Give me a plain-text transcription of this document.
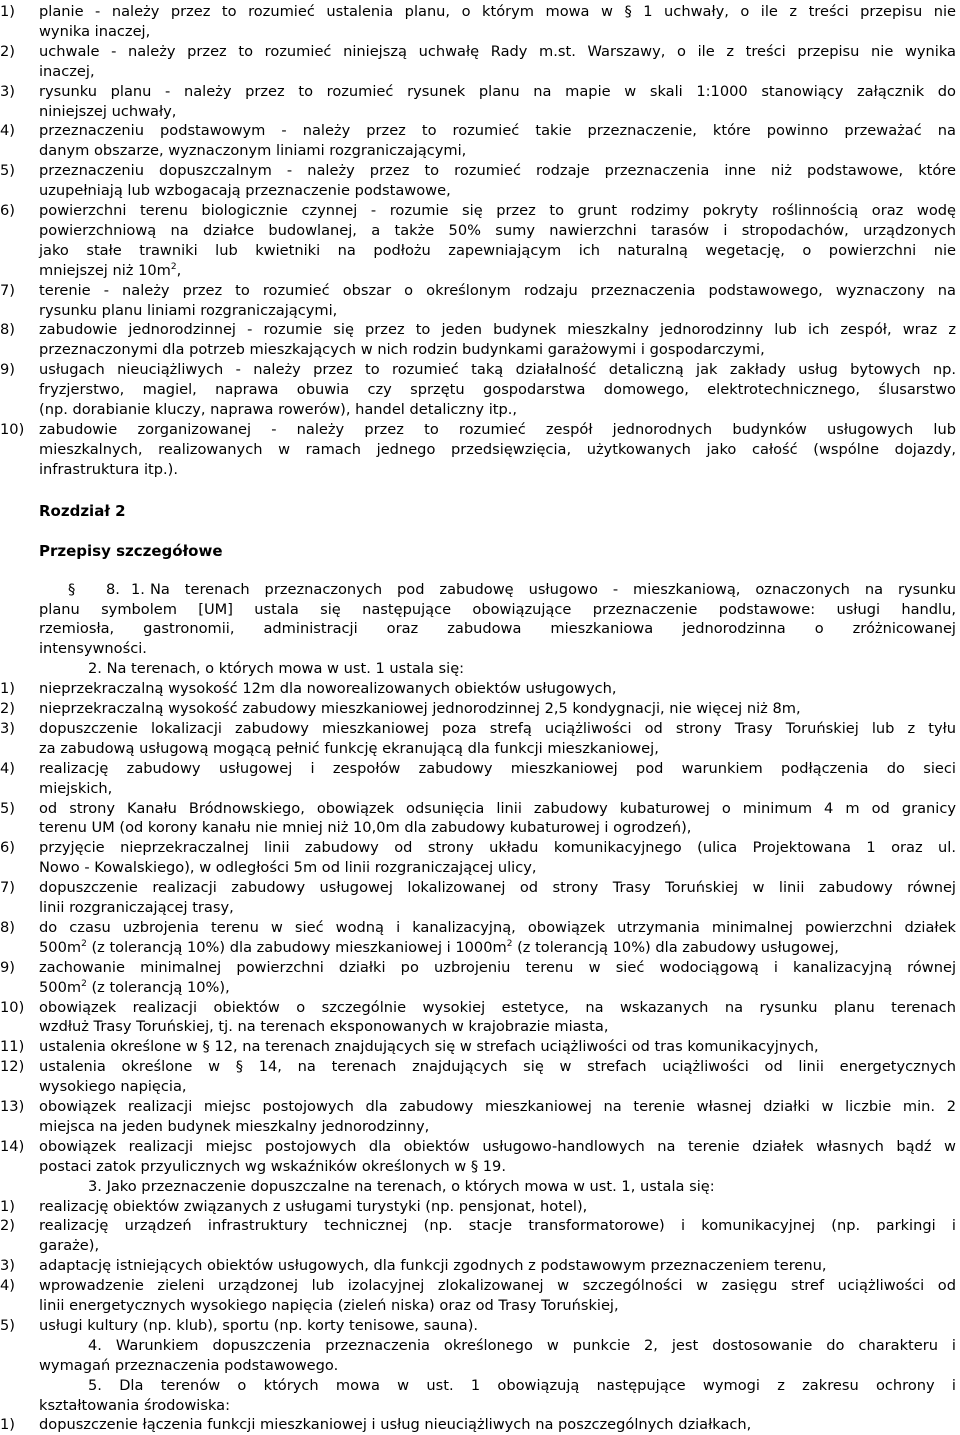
1) planie - należy przez to rozumieć ustalenia planu, o którym mowa w § 1 uchwały, o ile z treści przepisu nie
wynika inaczej,
2) uchwale - należy przez to rozumieć niniejszą uchwałę Rady m.st. Warszawy, o ile z treści przepisu nie wynika
inaczej,
3) rysunku planu - należy przez to rozumieć rysunek planu na mapie w skali 1:1000 stanowiący załącznik do
niniejszej uchwały,
4) przeznaczeniu podstawowym - należy przez to rozumieć takie przeznaczenie, które powinno przeważać na
danym obszarze, wyznaczonym liniami rozgraniczającymi,
5) przeznaczeniu dopuszczalnym - należy przez to rozumieć rodzaje przeznaczenia inne niż podstawowe, które
uzupełniają lub wzbogacają przeznaczenie podstawowe,
6) powierzchni terenu biologicznie czynnej - rozumie się przez to grunt rodzimy pokryty roślinnością oraz wodę
powierzchniową na działce budowlanej, a także 50% sumy nawierzchni tarasów i stropodachów, urządzonych
jako stałe trawniki lub kwietniki na podłożu zapewniającym ich naturalną wegetację, o powierzchni nie
mniejszej niż $10m^2$,
7) terenie - należy przez to rozumieć obszar o określonym rodzaju przeznaczenia podstawowego, wyznaczony na
rysunku planu liniami rozgraniczającymi,
8) zabudowie jednorodzinnej - rozumie się przez to jeden budynek mieszkalny jednorodzinny lub ich zespół, wraz z
przeznaczonymi dla potrzeb mieszkających w nich rodzin budynkami garażowymi i gospodarczymi,
9) usługach nieuciążliwych - należy przez to rozumieć taką działalność detaliczną jak zakłady usług bytowych np.
fryzjerstwo, magiel, naprawa obuwia czy sprzętu gospodarstwa domowego, elektrotechnicznego, ślusarstwo
(np. dorabianie kluczy, naprawa rowerów), handel detaliczny itp.,
10) zabudowie zorganizowanej - należy przez to rozumieć zespół jednorodnych budynków usługowych lub
mieszkalnych, realizowanych w ramach jednego przedsięwzięcia, użytkowanych jako całość (wspólne dojazdy,
infrastruktura itp.).
Rozdział 2
Przepisy szczegółowe
§ 8. 1. Na terenach przeznaczonych pod zabudowę usługowo - mieszkaniową, oznaczonych na rysunku
planu symbolem [UM] ustala się następujące obowiązujące przeznaczenie podstawowe: usługi handlu,
rzemiosła, gastronomii, administracji oraz zabudowa mieszkaniowa jednorodzinna o zróżnicowanej
intensywności.
2. Na terenach, o których mowa w ust. 1 ustala się:
1) nieprzekraczalną wysokość 12m dla noworealizowanych obiektów usługowych,
2) nieprzekraczalną wysokość zabudowy mieszkaniowej jednorodzinnej 2,5 kondygnacji, nie więcej niż 8m,
3) dopuszczenie lokalizacji zabudowy mieszkaniowej poza strefą uciążliwości od strony Trasy Toruńskiej lub z tyłu
za zabudową usługową mogącą pełnić funkcję ekranującą dla funkcji mieszkaniowej,
4) realizację zabudowy usługowej i zespołów zabudowy mieszkaniowej pod warunkiem podłączenia do sieci
miejskich,
5) od strony Kanału Bródnowskiego, obowiązek odsunięcia linii zabudowy kubaturowej o minimum 4 m od granicy
terenu UM (od korony kanału nie mniej niż 10,0m dla zabudowy kubaturowej i ogrodzeń),
6) przyjęcie nieprzekraczalnej linii zabudowy od strony układu komunikacyjnego (ulica Projektowana 1 oraz ul.
Nowo - Kowalskiego), w odległości 5m od linii rozgraniczającej ulicy,
7) dopuszczenie realizacji zabudowy usługowej lokalizowanej od strony Trasy Toruńskiej w linii zabudowy równej
linii rozgraniczającej trasy,
8) do czasu uzbrojenia terenu w sieć wodną i kanalizacyjną, obowiązek utrzymania minimalnej powierzchni działek
$500m^2$ (z tolerancją 10%) dla zabudowy mieszkaniowej i $1000m^2$ (z tolerancją 10%) dla zabudowy usługowej,
9) zachowanie minimalnej powierzchni działki po uzbrojeniu terenu w sieć wodociągową i kanalizacyjną równej
$500m^2$ (z tolerancją 10%),
10) obowiązek realizacji obiektów o szczególnie wysokiej estetyce, na wskazanych na rysunku planu terenach
wzdłuż Trasy Toruńskiej, tj. na terenach eksponowanych w krajobrazie miasta,
11) ustalenia określone w § 12, na terenach znajdujących się w strefach uciążliwości od tras komunikacyjnych,
12) ustalenia określone w § 14, na terenach znajdujących się w strefach uciążliwości od linii energetycznych
wysokiego napięcia,
13) obowiązek realizacji miejsc postojowych dla zabudowy mieszkaniowej na terenie własnej działki w liczbie min. 2
miejsca na jeden budynek mieszkalny jednorodzinny,
14) obowiązek realizacji miejsc postojowych dla obiektów usługowo-handlowych na terenie działek własnych bądź w
postaci zatok przyulicznych wg wskaźników określonych w § 19.
3. Jako przeznaczenie dopuszczalne na terenach, o których mowa w ust. 1, ustala się:
1) realizację obiektów związanych z usługami turystyki (np. pensjonat, hotel),
2) realizację urządzeń infrastruktury technicznej (np. stacje transformatorowe) i komunikacyjnej (np. parkingi i
garaże),
3) adaptację istniejących obiektów usługowych, dla funkcji zgodnych z podstawowym przeznaczeniem terenu,
4) wprowadzenie zieleni urządzonej lub izolacyjnej zlokalizowanej w szczególności w zasięgu stref uciążliwości od
linii energetycznych wysokiego napięcia (zieleń niska) oraz od Trasy Toruńskiej,
5) usługi kultury (np. klub), sportu (np. korty tenisowe, sauna).
4. Warunkiem dopuszczenia przeznaczenia określonego w punkcie 2, jest dostosowanie do charakteru i
wymagań przeznaczenia podstawowego.
5. Dla terenów o których mowa w ust. 1 obowiązują następujące wymogi z zakresu ochrony i
kształtowania środowiska:
1) dopuszczenie łączenia funkcji mieszkaniowej i usług nieuciążliwych na poszczególnych działkach,
